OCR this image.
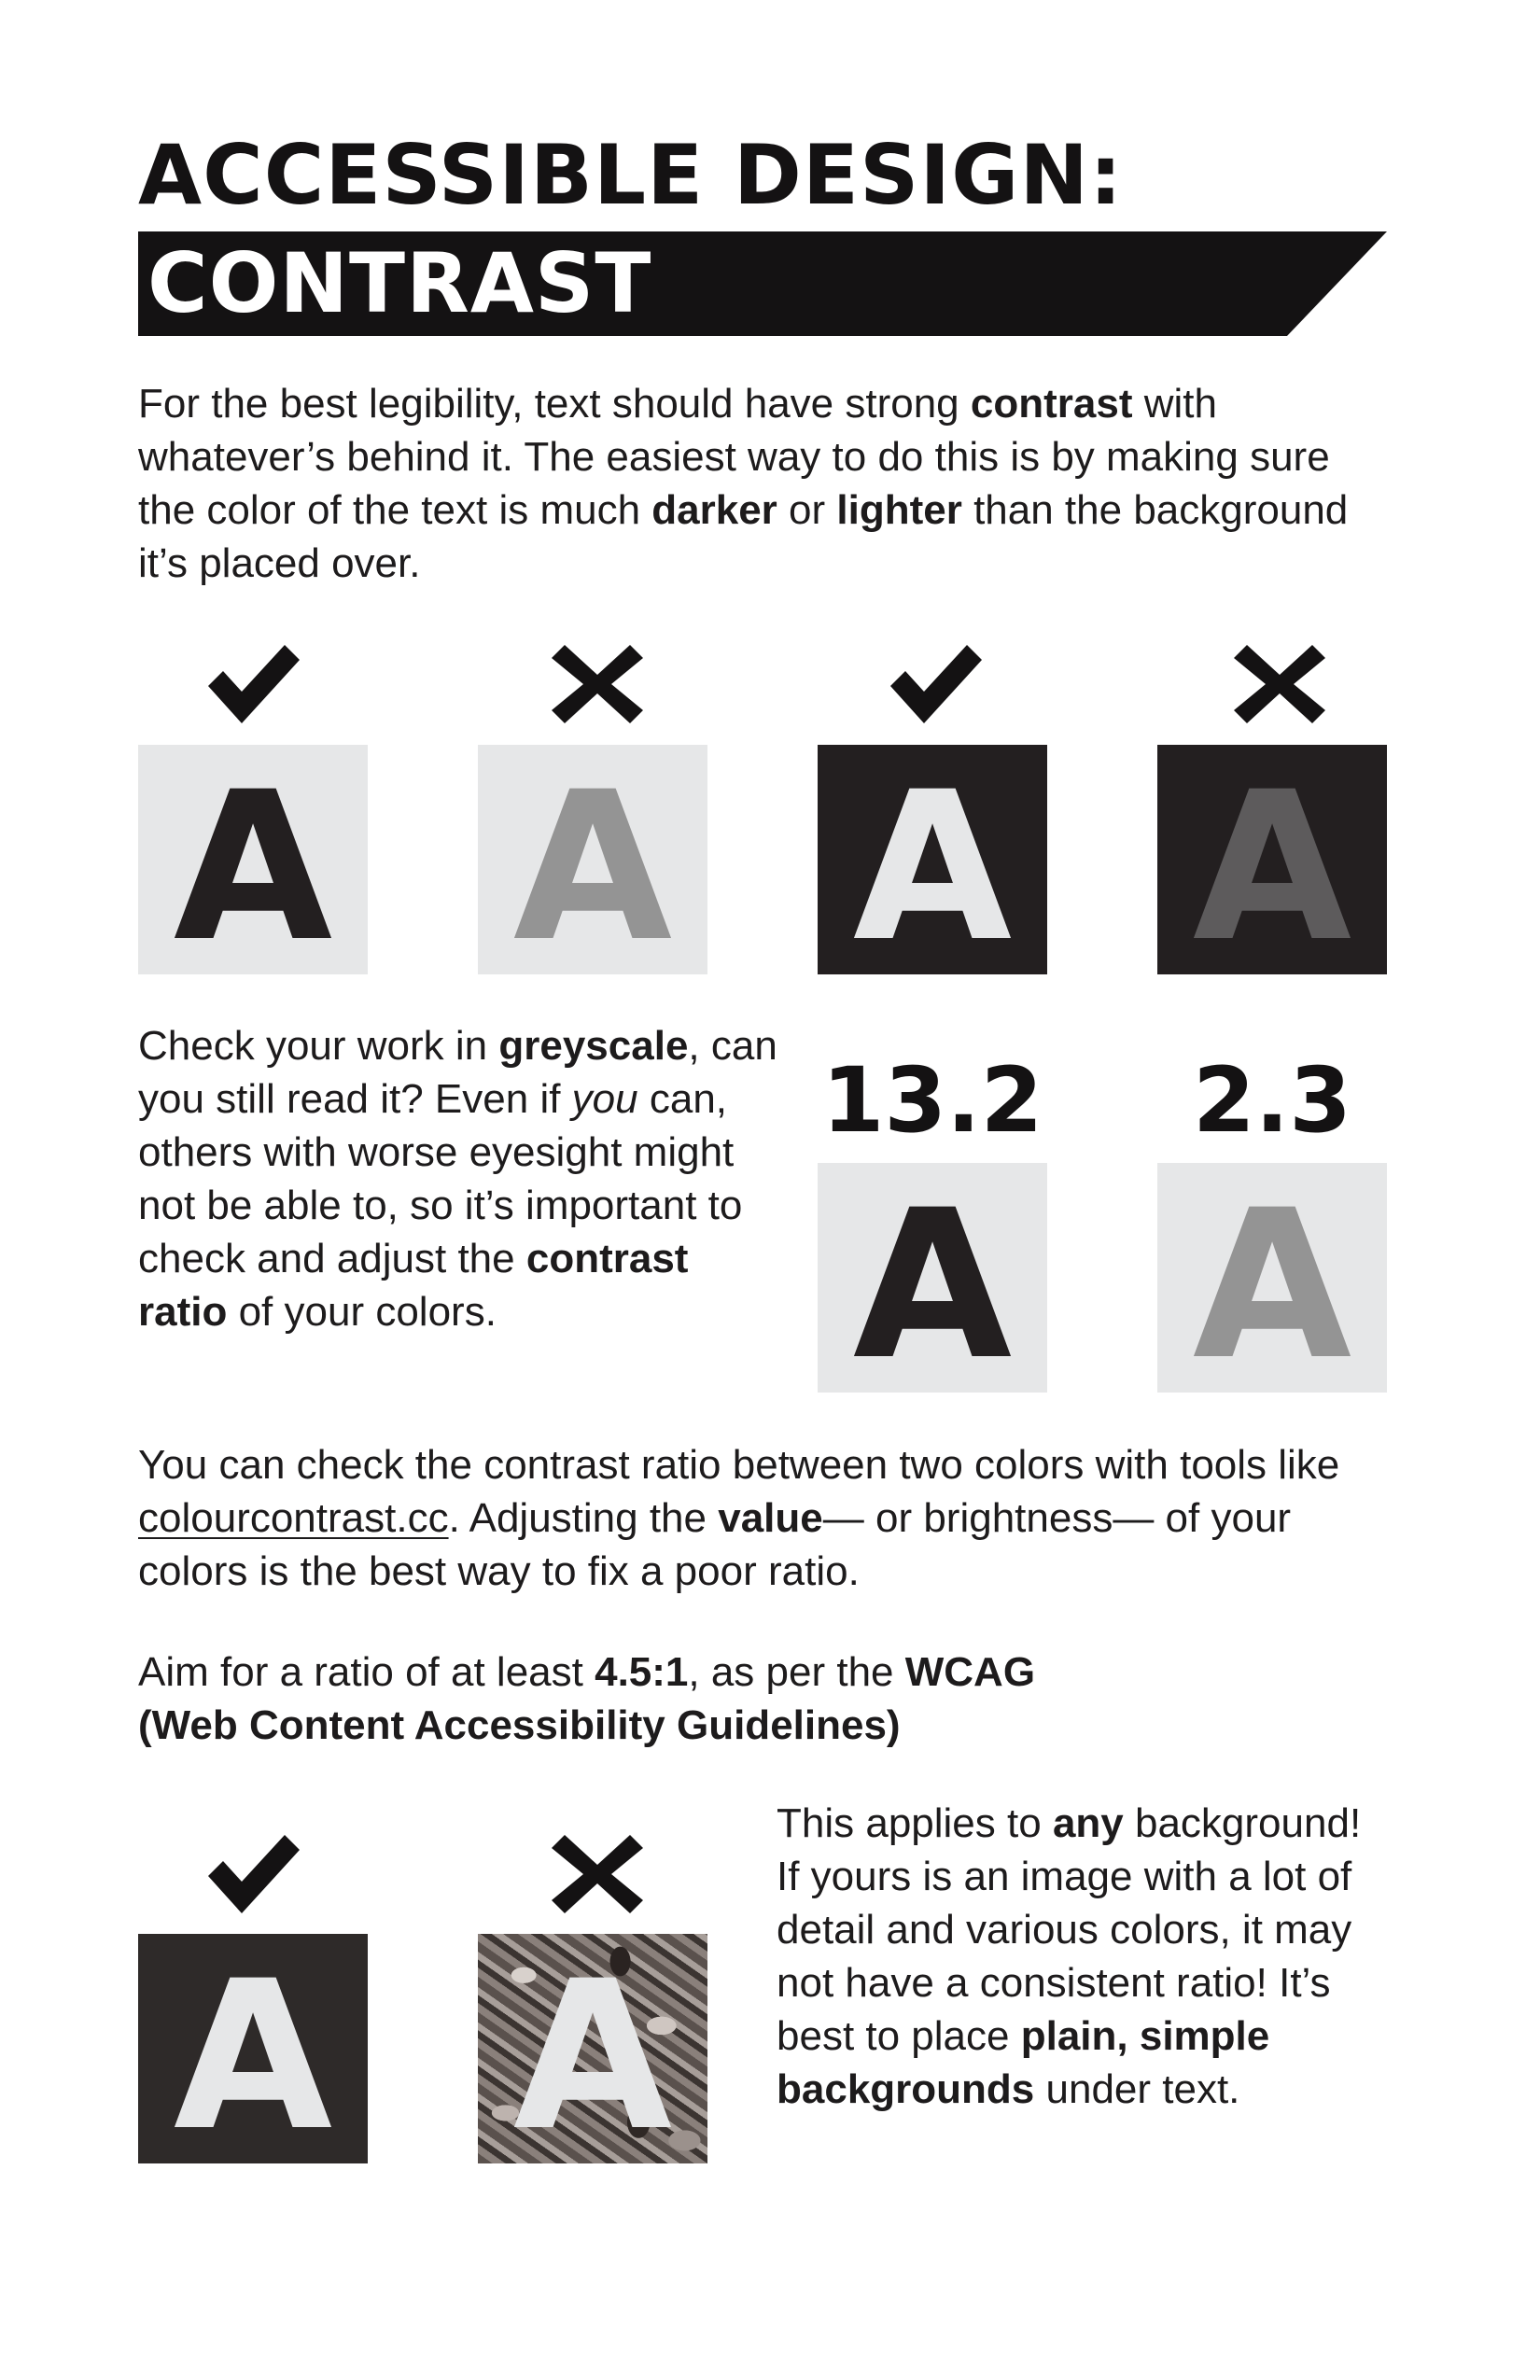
ACCESSIBLE DESIGN:
CONTRAST

For the best legibility, text should have strong contrast with whatever’s behind it. The easiest way to do this is by making sure the color of the text is much darker or lighter than the background it’s placed over.

A A A A

Check your work in greyscale, can you still read it? Even if you can, others with worse eyesight might not be able to, so it’s important to check and adjust the contrast ratio of your colors.

13.2	2.3
A A

You can check the contrast ratio between two colors with tools like colourcontrast.cc. Adjusting the value— or brightness— of your colors is the best way to fix a poor ratio.

Aim for a ratio of at least 4.5:1, as per the WCAG
(Web Content Accessibility Guidelines)

A A

This applies to any background! If yours is an image with a lot of detail and various colors, it may not have a consistent ratio! It’s best to place plain, simple backgrounds under text.
